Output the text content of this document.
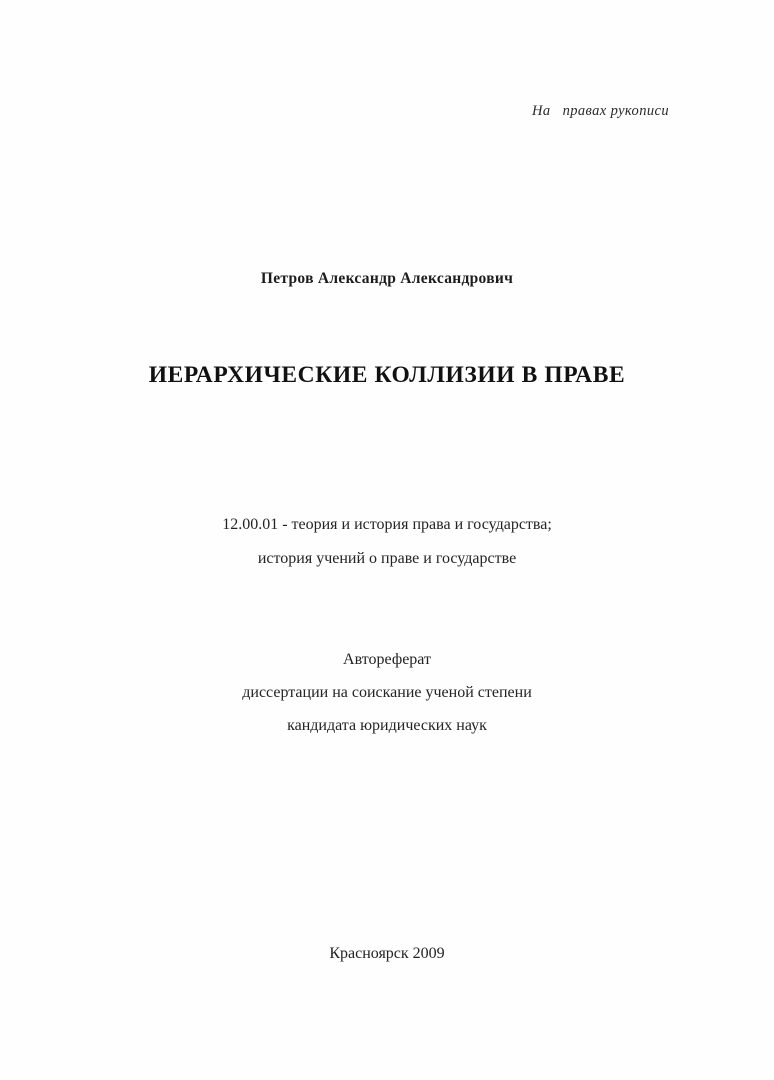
На   правах рукописи
Петров Александр Александрович
ИЕРАРХИЧЕСКИЕ КОЛЛИЗИИ В ПРАВЕ
12.00.01 - теория и история права и государства;
история учений о праве и государстве
Автореферат
диссертации на соискание ученой степени
кандидата юридических наук
Красноярск 2009
